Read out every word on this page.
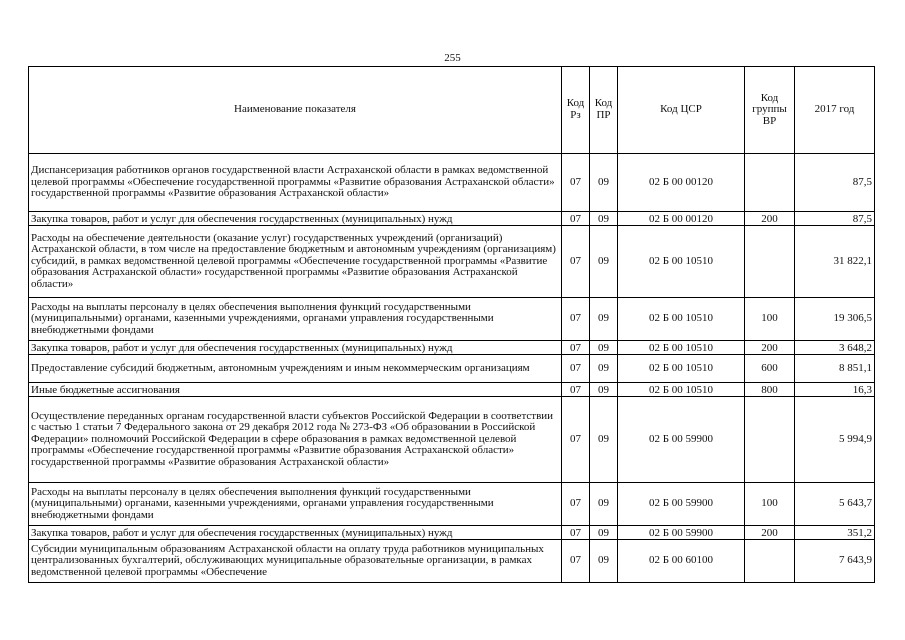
255
Наименование показателя	Код Рз	Код ПР	Код ЦСР	Код группы ВР	2017 год
Диспансеризация работников органов государственной власти Астраханской области в рамках ведомственной целевой программы «Обеспечение государственной программы «Развитие образования Астраханской области» государственной программы «Развитие образования Астраханской области»	07	09	02 Б 00 00120		87,5
Закупка товаров, работ и услуг для обеспечения государственных (муниципальных) нужд	07	09	02 Б 00 00120	200	87,5
Расходы на обеспечение деятельности (оказание услуг) государственных учреждений (организаций) Астраханской области, в том числе на предоставление бюджетным и автономным учреждениям (организациям) субсидий, в рамках ведомственной целевой программы «Обеспечение государственной программы «Развитие образования Астраханской области» государственной программы «Развитие образования Астраханской области»	07	09	02 Б 00 10510		31 822,1
Расходы на выплаты персоналу в целях обеспечения выполнения функций государственными (муниципальными) органами, казенными учреждениями, органами управления государственными внебюджетными фондами	07	09	02 Б 00 10510	100	19 306,5
Закупка товаров, работ и услуг для обеспечения государственных (муниципальных) нужд	07	09	02 Б 00 10510	200	3 648,2
Предоставление субсидий бюджетным, автономным учреждениям и иным некоммерческим организациям	07	09	02 Б 00 10510	600	8 851,1
Иные бюджетные ассигнования	07	09	02 Б 00 10510	800	16,3
Осуществление переданных органам государственной власти субъектов Российской Федерации в соответствии с частью 1 статьи 7 Федерального закона от 29 декабря 2012 года № 273-ФЗ «Об образовании в Российской Федерации» полномочий Российской Федерации в сфере образования в рамках ведомственной целевой программы «Обеспечение государственной программы «Развитие образования Астраханской области» государственной программы «Развитие образования Астраханской области»	07	09	02 Б 00 59900		5 994,9
Расходы на выплаты персоналу в целях обеспечения выполнения функций государственными (муниципальными) органами, казенными учреждениями, органами управления государственными внебюджетными фондами	07	09	02 Б 00 59900	100	5 643,7
Закупка товаров, работ и услуг для обеспечения государственных (муниципальных) нужд	07	09	02 Б 00 59900	200	351,2
Субсидии муниципальным образованиям Астраханской области на оплату труда работников муниципальных централизованных бухгалтерий, обслуживающих муниципальные образовательные организации, в рамках ведомственной целевой программы «Обеспечение	07	09	02 Б 00 60100		7 643,9
